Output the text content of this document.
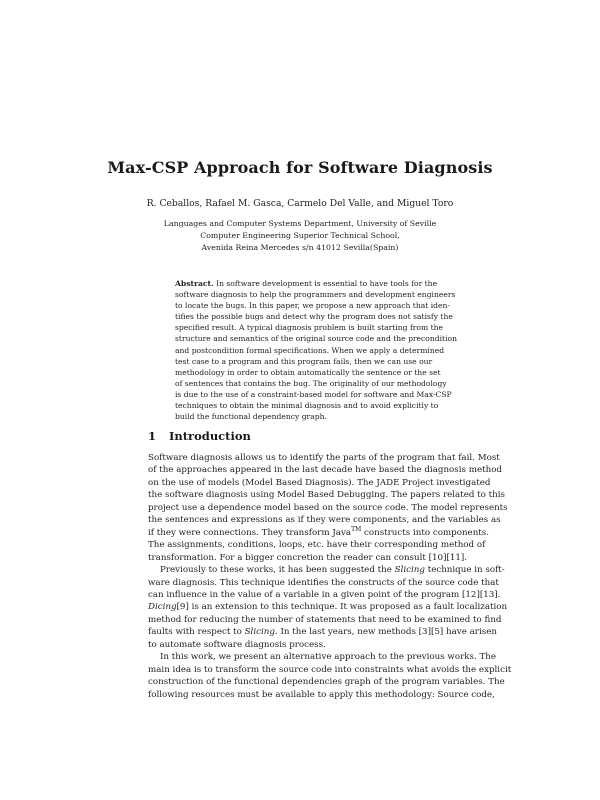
Max-CSP Approach for Software Diagnosis
R. Ceballos, Rafael M. Gasca, Carmelo Del Valle, and Miguel Toro
Languages and Computer Systems Department, University of Seville
Computer Engineering Superior Technical School,
Avenida Reina Mercedes s/n 41012 Sevilla(Spain)
Abstract. In software development is essential to have tools for the
software diagnosis to help the programmers and development engineers
to locate the bugs. In this paper, we propose a new approach that iden-
tifies the possible bugs and detect why the program does not satisfy the
specified result. A typical diagnosis problem is built starting from the
structure and semantics of the original source code and the precondition
and postcondition formal specifications. When we apply a determined
test case to a program and this program fails, then we can use our
methodology in order to obtain automatically the sentence or the set
of sentences that contains the bug. The originality of our methodology
is due to the use of a constraint-based model for software and Max-CSP
techniques to obtain the minimal diagnosis and to avoid explicitly to
build the functional dependency graph.
1 Introduction
Software diagnosis allows us to identify the parts of the program that fail. Most
of the approaches appeared in the last decade have based the diagnosis method
on the use of models (Model Based Diagnosis). The JADE Project investigated
the software diagnosis using Model Based Debugging. The papers related to this
project use a dependence model based on the source code. The model represents
the sentences and expressions as if they were components, and the variables as
if they were connections. They transform Java™ constructs into components.
The assignments, conditions, loops, etc. have their corresponding method of
transformation. For a bigger concretion the reader can consult [10][11].
Previously to these works, it has been suggested the Slicing technique in soft-
ware diagnosis. This technique identifies the constructs of the source code that
can influence in the value of a variable in a given point of the program [12][13].
Dicing[9] is an extension to this technique. It was proposed as a fault localization
method for reducing the number of statements that need to be examined to find
faults with respect to Slicing. In the last years, new methods [3][5] have arisen
to automate software diagnosis process.
In this work, we present an alternative approach to the previous works. The
main idea is to transform the source code into constraints what avoids the explicit
construction of the functional dependencies graph of the program variables. The
following resources must be available to apply this methodology: Source code,
